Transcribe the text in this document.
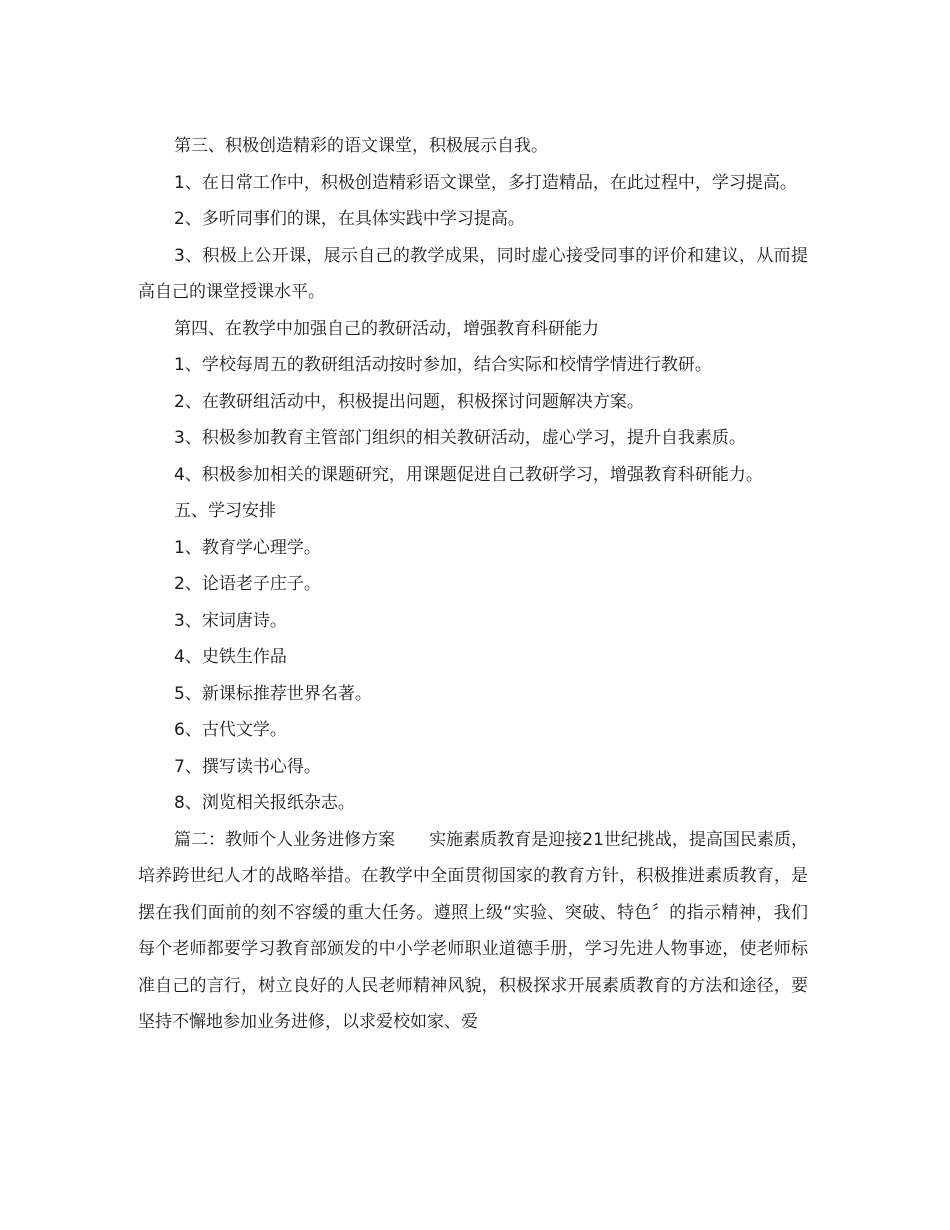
第三、积极创造精彩的语文课堂，积极展示自我。

1、在日常工作中，积极创造精彩语文课堂，多打造精品，在此过程中，学习提高。

2、多听同事们的课，在具体实践中学习提高。

3、积极上公开课，展示自己的教学成果，同时虚心接受同事的评价和建议，从而提高自己的课堂授课水平。

第四、在教学中加强自己的教研活动，增强教育科研能力

1、学校每周五的教研组活动按时参加，结合实际和校情学情进行教研。

2、在教研组活动中，积极提出问题，积极探讨问题解决方案。

3、积极参加教育主管部门组织的相关教研活动，虚心学习，提升自我素质。

4、积极参加相关的课题研究，用课题促进自己教研学习，增强教育科研能力。

五、学习安排

1、教育学心理学。

2、论语老子庄子。

3、宋词唐诗。

4、史铁生作品

5、新课标推荐世界名著。

6、古代文学。

7、撰写读书心得。

8、浏览相关报纸杂志。

篇二：教师个人业务进修方案 实施素质教育是迎接21世纪挑战，提高国民素质，培养跨世纪人才的战略举措。在教学中全面贯彻国家的教育方针，积极推进素质教育，是摆在我们面前的刻不容缓的重大任务。遵照上级“实验、突破、特色〞的指示精神，我们每个老师都要学习教育部颁发的中小学老师职业道德手册，学习先进人物事迹，使老师标准自己的言行，树立良好的人民老师精神风貌，积极探求开展素质教育的方法和途径，要坚持不懈地参加业务进修，以求爱校如家、爱
